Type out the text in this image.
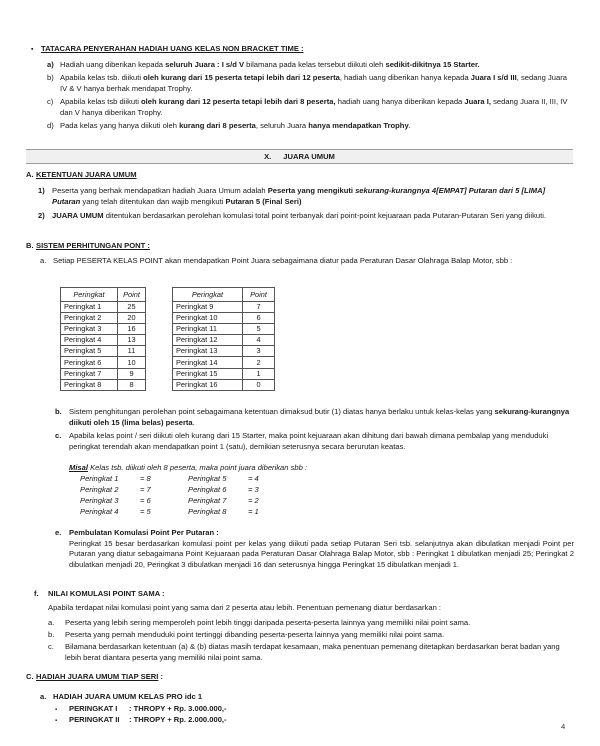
▪ TATACARA PENYERAHAN HADIAH UANG KELAS NON BRACKET TIME :
a) Hadiah uang diberikan kepada seluruh Juara : I s/d V bilamana pada kelas tersebut diikuti oleh sedikit-dikitnya 15 Starter.
b) Apabila kelas tsb. diikuti oleh kurang dari 15 peserta tetapi lebih dari 12 peserta, hadiah uang diberikan hanya kepada Juara I s/d III, sedang Juara IV & V hanya berhak mendapat Trophy.
c) Apabila kelas tsb diikuti oleh kurang dari 12 peserta tetapi lebih dari 8 peserta, hadiah uang hanya diberikan kepada Juara I, sedang Juara II, III, IV dan V hanya diberikan Trophy.
d) Pada kelas yang hanya diikuti oleh kurang dari 8 peserta, seluruh Juara hanya mendapatkan Trophy.
X. JUARA UMUM
A. KETENTUAN JUARA UMUM
1) Peserta yang berhak mendapatkan hadiah Juara Umum adalah Peserta yang mengikuti sekurang-kurangnya 4[EMPAT] Putaran dari 5 [LIMA] Putaran yang telah ditentukan dan wajib mengikuti Putaran 5 (Final Seri)
2) JUARA UMUM ditentukan berdasarkan perolehan komulasi total point terbanyak dari point-point kejuaraan pada Putaran-Putaran Seri yang diikuti.
B. SISTEM PERHITUNGAN PONT :
a. Setiap PESERTA KELAS POINT akan mendapatkan Point Juara sebagaimana diatur pada Peraturan Dasar Olahraga Balap Motor, sbb :
Peringkat	Point
Peringkat 1	25
Peringkat 2	20
Peringkat 3	16
Peringkat 4	13
Peringkat 5	11
Peringkat 6	10
Peringkat 7	9
Peringkat 8	8
Peringkat	Point
Peringkat 9	7
Peringkat 10	6
Peringkat 11	5
Peringkat 12	4
Peringkat 13	3
Peringkat 14	2
Peringkat 15	1
Peringkat 16	0
b. Sistem penghitungan perolehan point sebagaimana ketentuan dimaksud butir (1) diatas hanya berlaku untuk kelas-kelas yang sekurang-kurangnya diikuti oleh 15 (lima belas) peserta.
c.	Apabila kelas point / seri diikuti oleh kurang dari 15 Starter, maka point kejuaraan akan dihitung dari bawah dimana pembalap yang menduduki peringkat terendah akan mendapatkan point 1 (satu), demikian seterusnya secara berurutan keatas.
Misal Kelas tsb. diikuti oleh 8 peserta, maka point juara diberikan sbb :
Peringkat 1	= 8	Peringkat 5	= 4
Peringkat 2	= 7	Peringkat 6	= 3
Peringkat 3	= 6	Peringkat 7	= 2
Peringkat 4	= 5	Peringkat 8	= 1
e.	Pembulatan Komulasi Point Per Putaran :
Peringkat 15 besar berdasarkan komulasi point per kelas yang diikuti pada setiap Putaran Seri tsb. selanjutnya akan dibulatkan menjadi Point per Putaran yang diatur sebagaimana Point Kejuaraan pada Peraturan Dasar Olahraga Balap Motor, sbb : Peringkat 1 dibulatkan menjadi 25; Peringkat 2 dibulatkan menjadi 20, Peringkat 3 dibulatkan menjadi 16 dan seterusnya hingga Peringkat 15 dibulatkan menjadi 1.
f. NILAI KOMULASI POINT SAMA :
Apabila terdapat nilai komulasi point yang sama dari 2 peserta atau lebih. Penentuan pemenang diatur berdasarkan :
a.	Peserta yang lebih sering memperoleh point lebih tinggi daripada peserta-peserta lainnya yang memiliki nilai point sama.
b.	Peserta yang pernah menduduki point tertinggi dibanding peserta-peserta lainnya yang memiliki nilai point sama.
c.	Bilamana berdasarkan ketentuan (a) & (b) diatas masih terdapat kesamaan, maka penentuan pemenang ditetapkan berdasarkan berat badan yang lebih berat diantara peserta yang memiliki nilai point sama.
C. HADIAH JUARA UMUM TIAP SERI :
a. HADIAH JUARA UMUM KELAS PRO idc 1
▪ PERINGKAT I : THROPY + Rp. 3.000.000,-
▪ PERINGKAT II : THROPY + Rp. 2.000.000,-
4
